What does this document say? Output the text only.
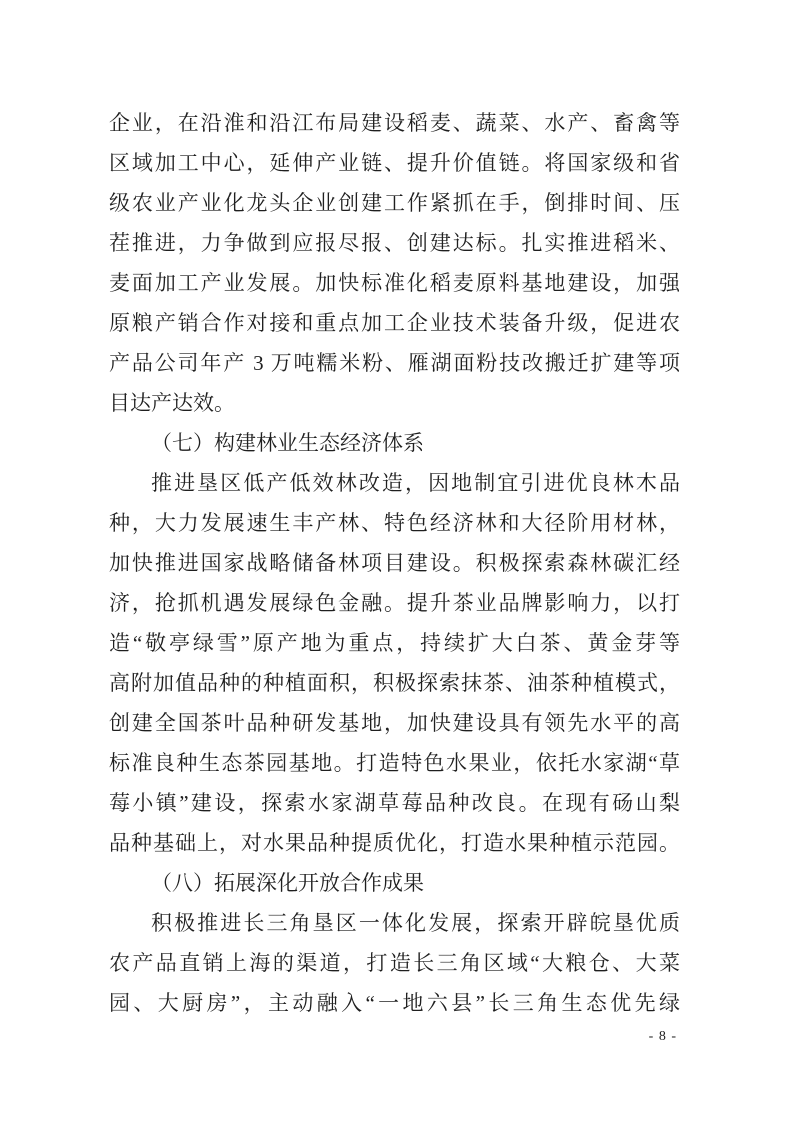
企业，在沿淮和沿江布局建设稻麦、蔬菜、水产、畜禽等
区域加工中心，延伸产业链、提升价值链。将国家级和省
级农业产业化龙头企业创建工作紧抓在手，倒排时间、压
茬推进，力争做到应报尽报、创建达标。扎实推进稻米、
麦面加工产业发展。加快标准化稻麦原料基地建设，加强
原粮产销合作对接和重点加工企业技术装备升级，促进农
产品公司年产 3 万吨糯米粉、雁湖面粉技改搬迁扩建等项
目达产达效。
（七）构建林业生态经济体系
推进垦区低产低效林改造，因地制宜引进优良林木品
种，大力发展速生丰产林、特色经济林和大径阶用材林，
加快推进国家战略储备林项目建设。积极探索森林碳汇经
济，抢抓机遇发展绿色金融。提升茶业品牌影响力，以打
造“敬亭绿雪”原产地为重点，持续扩大白茶、黄金芽等
高附加值品种的种植面积，积极探索抹茶、油茶种植模式，
创建全国茶叶品种研发基地，加快建设具有领先水平的高
标准良种生态茶园基地。打造特色水果业，依托水家湖“草
莓小镇”建设，探索水家湖草莓品种改良。在现有砀山梨
品种基础上，对水果品种提质优化，打造水果种植示范园。
（八）拓展深化开放合作成果
积极推进长三角垦区一体化发展，探索开辟皖垦优质
农产品直销上海的渠道，打造长三角区域“大粮仓、大菜
园、大厨房”，主动融入“一地六县”长三角生态优先绿
- 8 -
